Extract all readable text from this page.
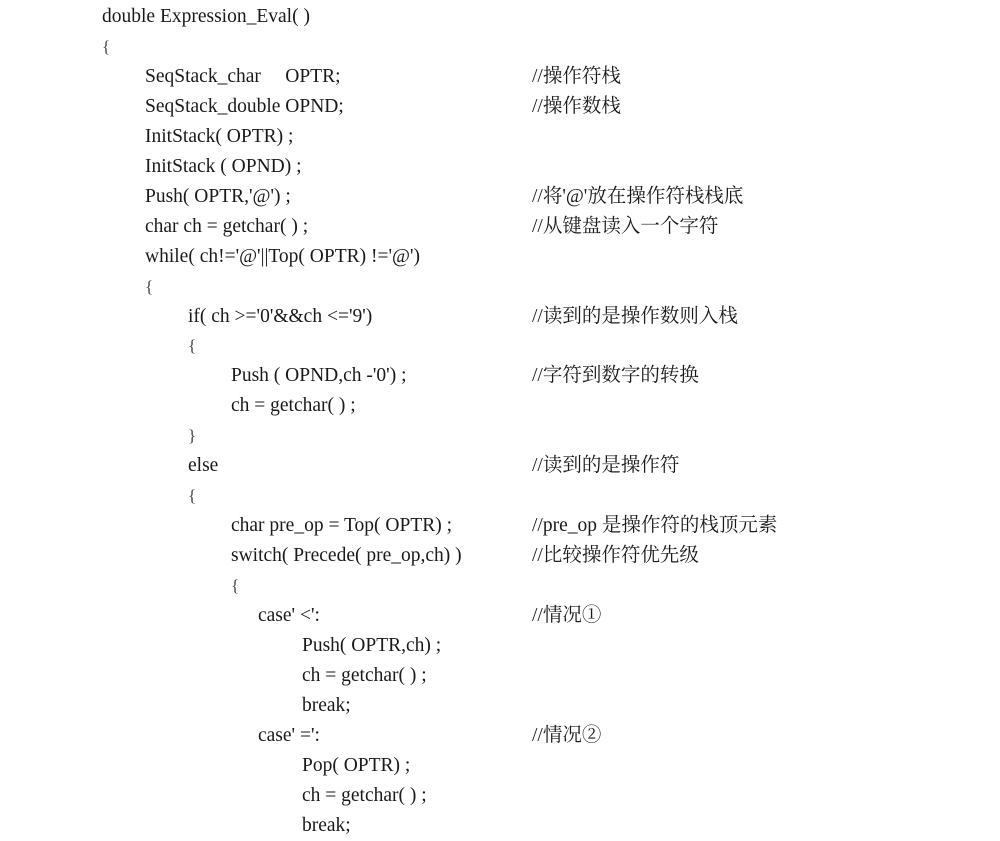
double Expression_Eval( )
{
SeqStack_char     OPTR;	//操作符栈
SeqStack_double OPND;	//操作数栈
InitStack( OPTR) ;
InitStack ( OPND) ;
Push( OPTR,'@') ;	//将'@'放在操作符栈栈底
char ch = getchar( ) ;	//从键盘读入一个字符
while( ch!='@'||Top( OPTR) !='@')
{
if( ch >='0'&&ch <='9')	//读到的是操作数则入栈
{
Push ( OPND,ch -'0') ;	//字符到数字的转换
ch = getchar( ) ;
}
else	//读到的是操作符
{
char pre_op = Top( OPTR) ;	//pre_op 是操作符的栈顶元素
switch( Precede( pre_op,ch) )	//比较操作符优先级
{
case' <':	//情况①
Push( OPTR,ch) ;
ch = getchar( ) ;
break;
case' =':	//情况②
Pop( OPTR) ;
ch = getchar( ) ;
break;
